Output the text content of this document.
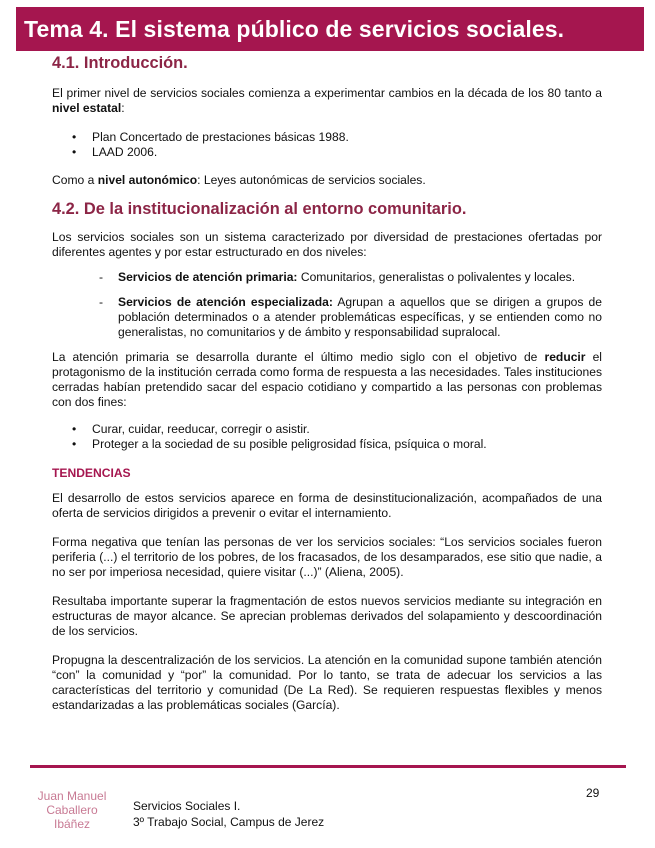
Tema 4. El sistema público de servicios sociales.
4.1. Introducción.

El primer nivel de servicios sociales comienza a experimentar cambios en la década de los 80 tanto a nivel estatal:

• Plan Concertado de prestaciones básicas 1988.
• LAAD 2006.

Como a nivel autonómico: Leyes autonómicas de servicios sociales.

4.2. De la institucionalización al entorno comunitario.

Los servicios sociales son un sistema caracterizado por diversidad de prestaciones ofertadas por diferentes agentes y por estar estructurado en dos niveles:

- Servicios de atención primaria: Comunitarios, generalistas o polivalentes y locales.
- Servicios de atención especializada: Agrupan a aquellos que se dirigen a grupos de población determinados o a atender problemáticas específicas, y se entienden como no generalistas, no comunitarios y de ámbito y responsabilidad supralocal.

La atención primaria se desarrolla durante el último medio siglo con el objetivo de reducir el protagonismo de la institución cerrada como forma de respuesta a las necesidades. Tales instituciones cerradas habían pretendido sacar del espacio cotidiano y compartido a las personas con problemas con dos fines:

• Curar, cuidar, reeducar, corregir o asistir.
• Proteger a la sociedad de su posible peligrosidad física, psíquica o moral.
TENDENCIAS

El desarrollo de estos servicios aparece en forma de desinstitucionalización, acompañados de una oferta de servicios dirigidos a prevenir o evitar el internamiento.

Forma negativa que tenían las personas de ver los servicios sociales: “Los servicios sociales fueron periferia (...) el territorio de los pobres, de los fracasados, de los desamparados, ese sitio que nadie, a no ser por imperiosa necesidad, quiere visitar (...)” (Aliena, 2005).

Resultaba importante superar la fragmentación de estos nuevos servicios mediante su integración en estructuras de mayor alcance. Se aprecian problemas derivados del solapamiento y descoordinación de los servicios.

Propugna la descentralización de los servicios. La atención en la comunidad supone también atención “con” la comunidad y “por” la comunidad. Por lo tanto, se trata de adecuar los servicios a las características del territorio y comunidad (De La Red). Se requieren respuestas flexibles y menos estandarizadas a las problemáticas sociales (García).

29
Juan Manuel
Caballero
Ibáñez
Servicios Sociales I.
3º Trabajo Social, Campus de Jerez
